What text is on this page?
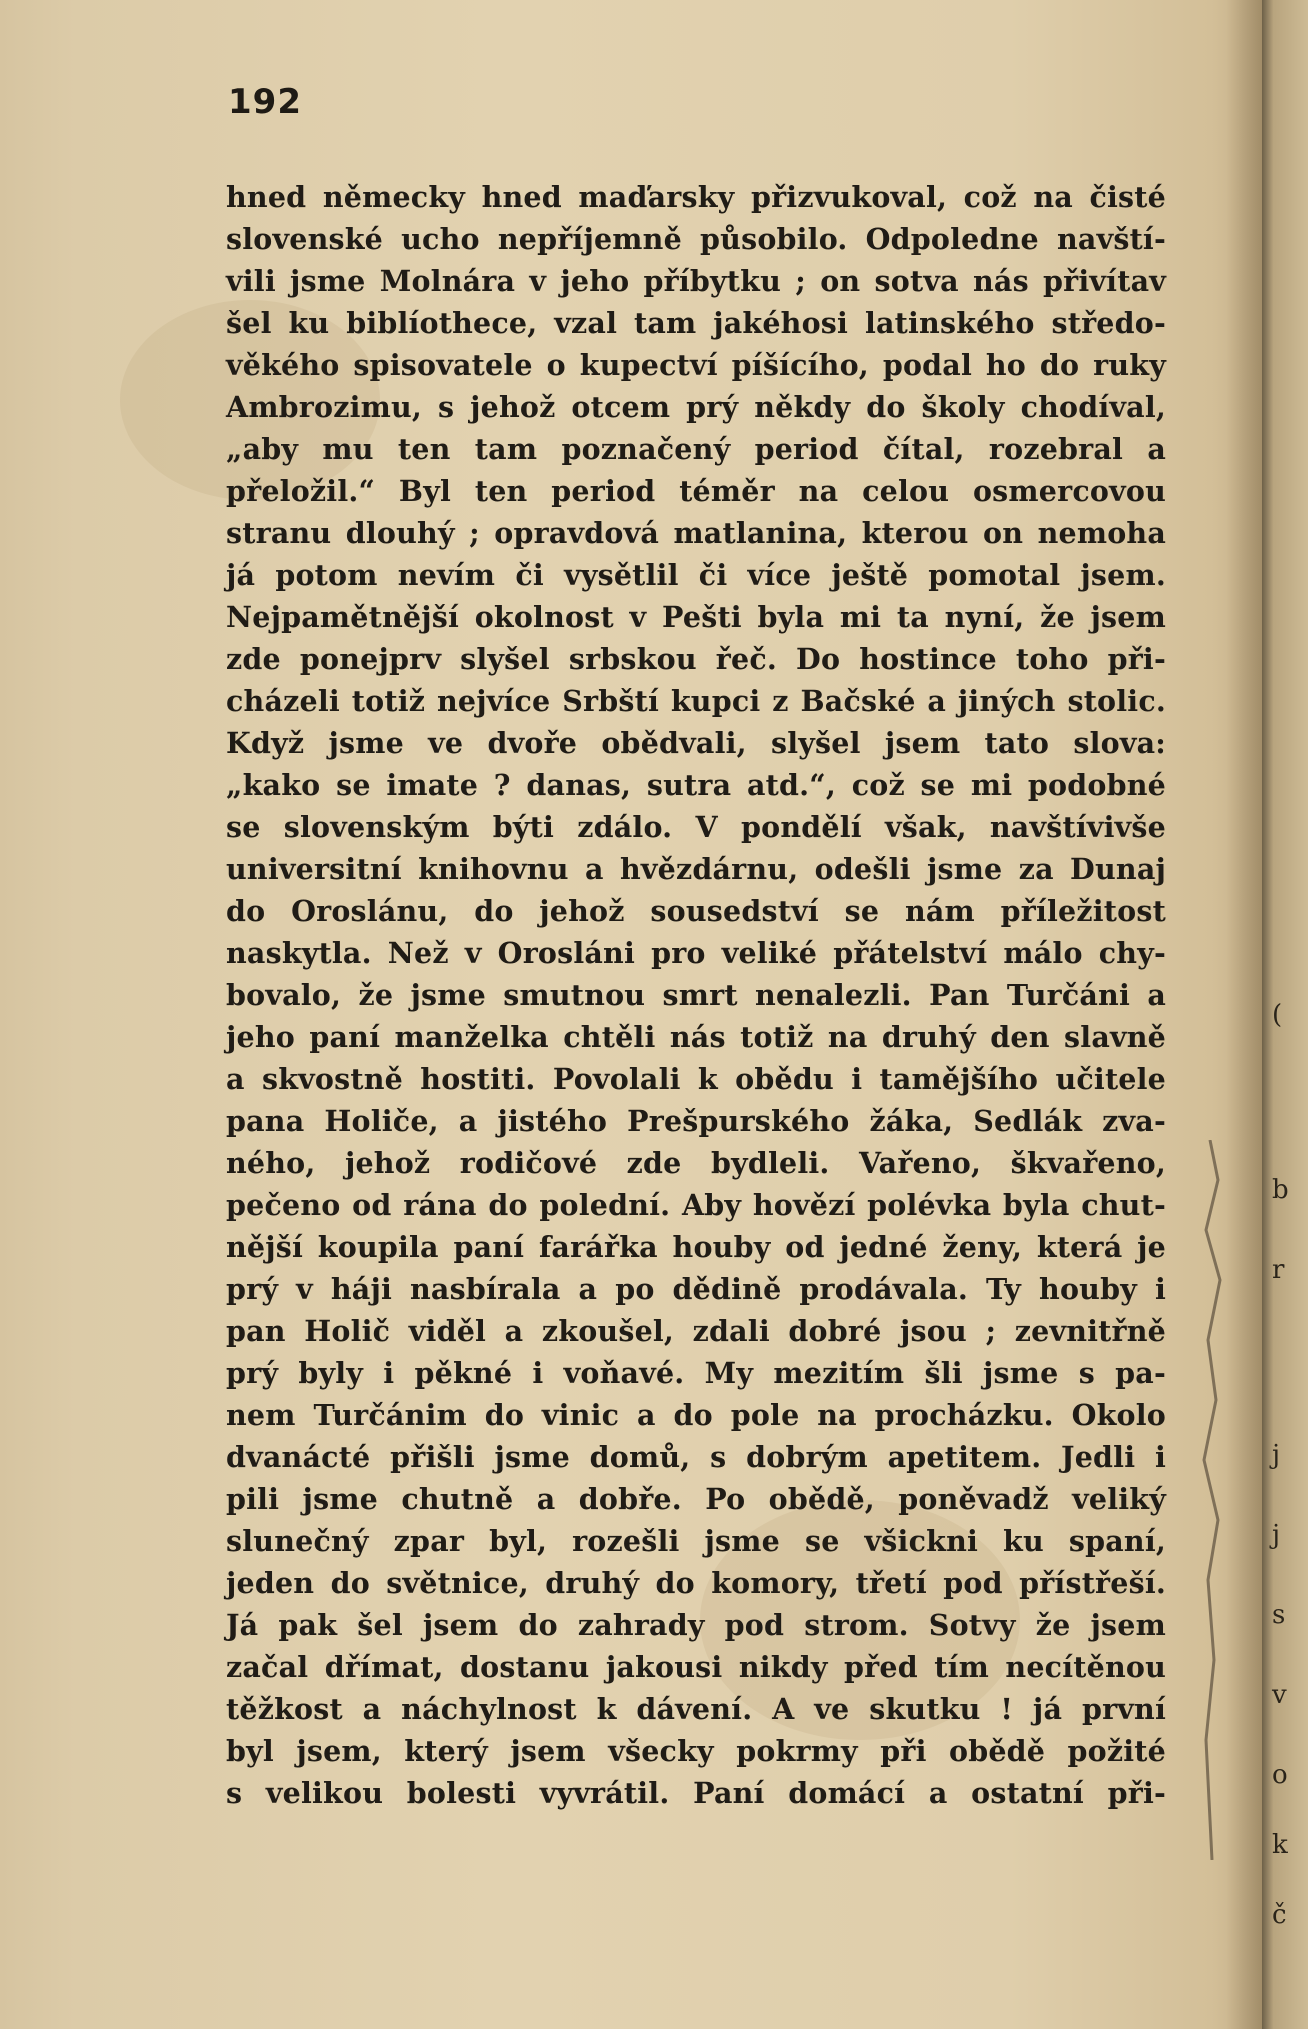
192
hned německy hned maďarsky přizvukoval, což na čisté
slovenské ucho nepříjemně působilo. Odpoledne navští-
vili jsme Molnára v jeho příbytku ; on sotva nás přivítav
šel ku biblíothece, vzal tam jakéhosi latinského středo-
věkého spisovatele o kupectví píšícího, podal ho do ruky
Ambrozimu, s jehož otcem prý někdy do školy chodíval,
„aby mu ten tam poznačený period čítal, rozebral a
přeložil.“ Byl ten period téměr na celou osmercovou
stranu dlouhý ; opravdová matlanina, kterou on nemoha
já potom nevím či vysětlil či více ještě pomotal jsem.
Nejpamětnější okolnost v Pešti byla mi ta nyní, že jsem
zde ponejprv slyšel srbskou řeč. Do hostince toho při-
cházeli totiž nejvíce Srbští kupci z Bačské a jiných stolic.
Když jsme ve dvoře obědvali, slyšel jsem tato slova:
„kako se imate ? danas, sutra atd.“, což se mi podobné
se slovenským býti zdálo. V pondělí však, navštívivše
universitní knihovnu a hvězdárnu, odešli jsme za Dunaj
do Oroslánu, do jehož sousedství se nám příležitost
naskytla. Než v Orosláni pro veliké přátelství málo chy-
bovalo, že jsme smutnou smrt nenalezli. Pan Turčáni a
jeho paní manželka chtěli nás totiž na druhý den slavně
a skvostně hostiti. Povolali k obědu i tamějšího učitele
pana Holiče, a jistého Prešpurského žáka, Sedlák zva-
ného, jehož rodičové zde bydleli. Vařeno, škvařeno,
pečeno od rána do polední. Aby hovězí polévka byla chut-
nější koupila paní farářka houby od jedné ženy, která je
prý v háji nasbírala a po dědině prodávala. Ty houby i
pan Holič viděl a zkoušel, zdali dobré jsou ; zevnitřně
prý byly i pěkné i voňavé. My mezitím šli jsme s pa-
nem Turčánim do vinic a do pole na procházku. Okolo
dvanácté přišli jsme domů, s dobrým apetitem. Jedli i
pili jsme chutně a dobře. Po obědě, poněvadž veliký
slunečný zpar byl, rozešli jsme se všickni ku spaní,
jeden do světnice, druhý do komory, třetí pod přístřeší.
Já pak šel jsem do zahrady pod strom. Sotvy že jsem
začal dřímat, dostanu jakousi nikdy před tím necítěnou
těžkost a náchylnost k dávení. A ve skutku ! já první
byl jsem, který jsem všecky pokrmy při obědě požité
s velikou bolesti vyvrátil. Paní domácí a ostatní při-
(
b
r
j
j
s
v
o
k
č
